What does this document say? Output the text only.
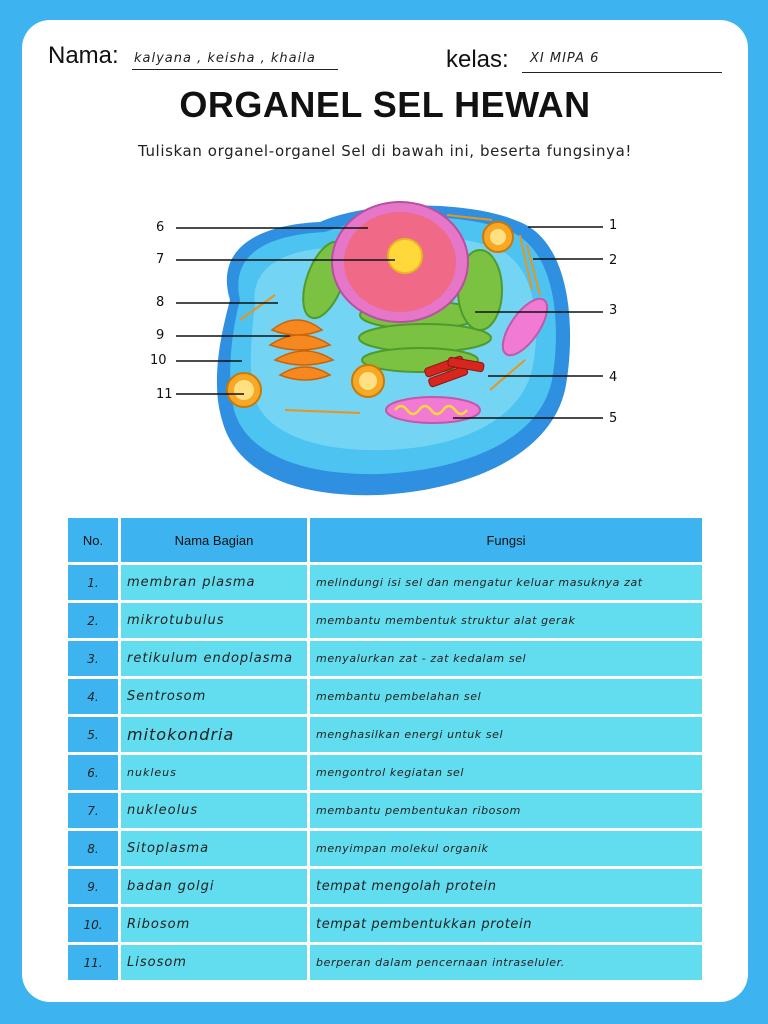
Nama: kalyana , keisha , khaila	kelas: XI MIPA 6
ORGANEL SEL HEWAN
Tuliskan organel-organel Sel di bawah ini, beserta fungsinya!
1
2
3
4
5
6
7
8
9
10
11
No.	Nama Bagian	Fungsi
1.	membran plasma	melindungi isi sel dan mengatur keluar masuknya zat
2.	mikrotubulus	membantu membentuk struktur alat gerak
3.	retikulum endoplasma	menyalurkan zat - zat kedalam sel
4.	Sentrosom	membantu pembelahan sel
5.	mitokondria	menghasilkan energi untuk sel
6.	nukleus	mengontrol kegiatan sel
7.	nukleolus	membantu pembentukan ribosom
8.	Sitoplasma	menyimpan molekul organik
9.	badan golgi	tempat mengolah protein
10.	Ribosom	tempat pembentukkan protein
11.	Lisosom	berperan dalam pencernaan intraseluler.
